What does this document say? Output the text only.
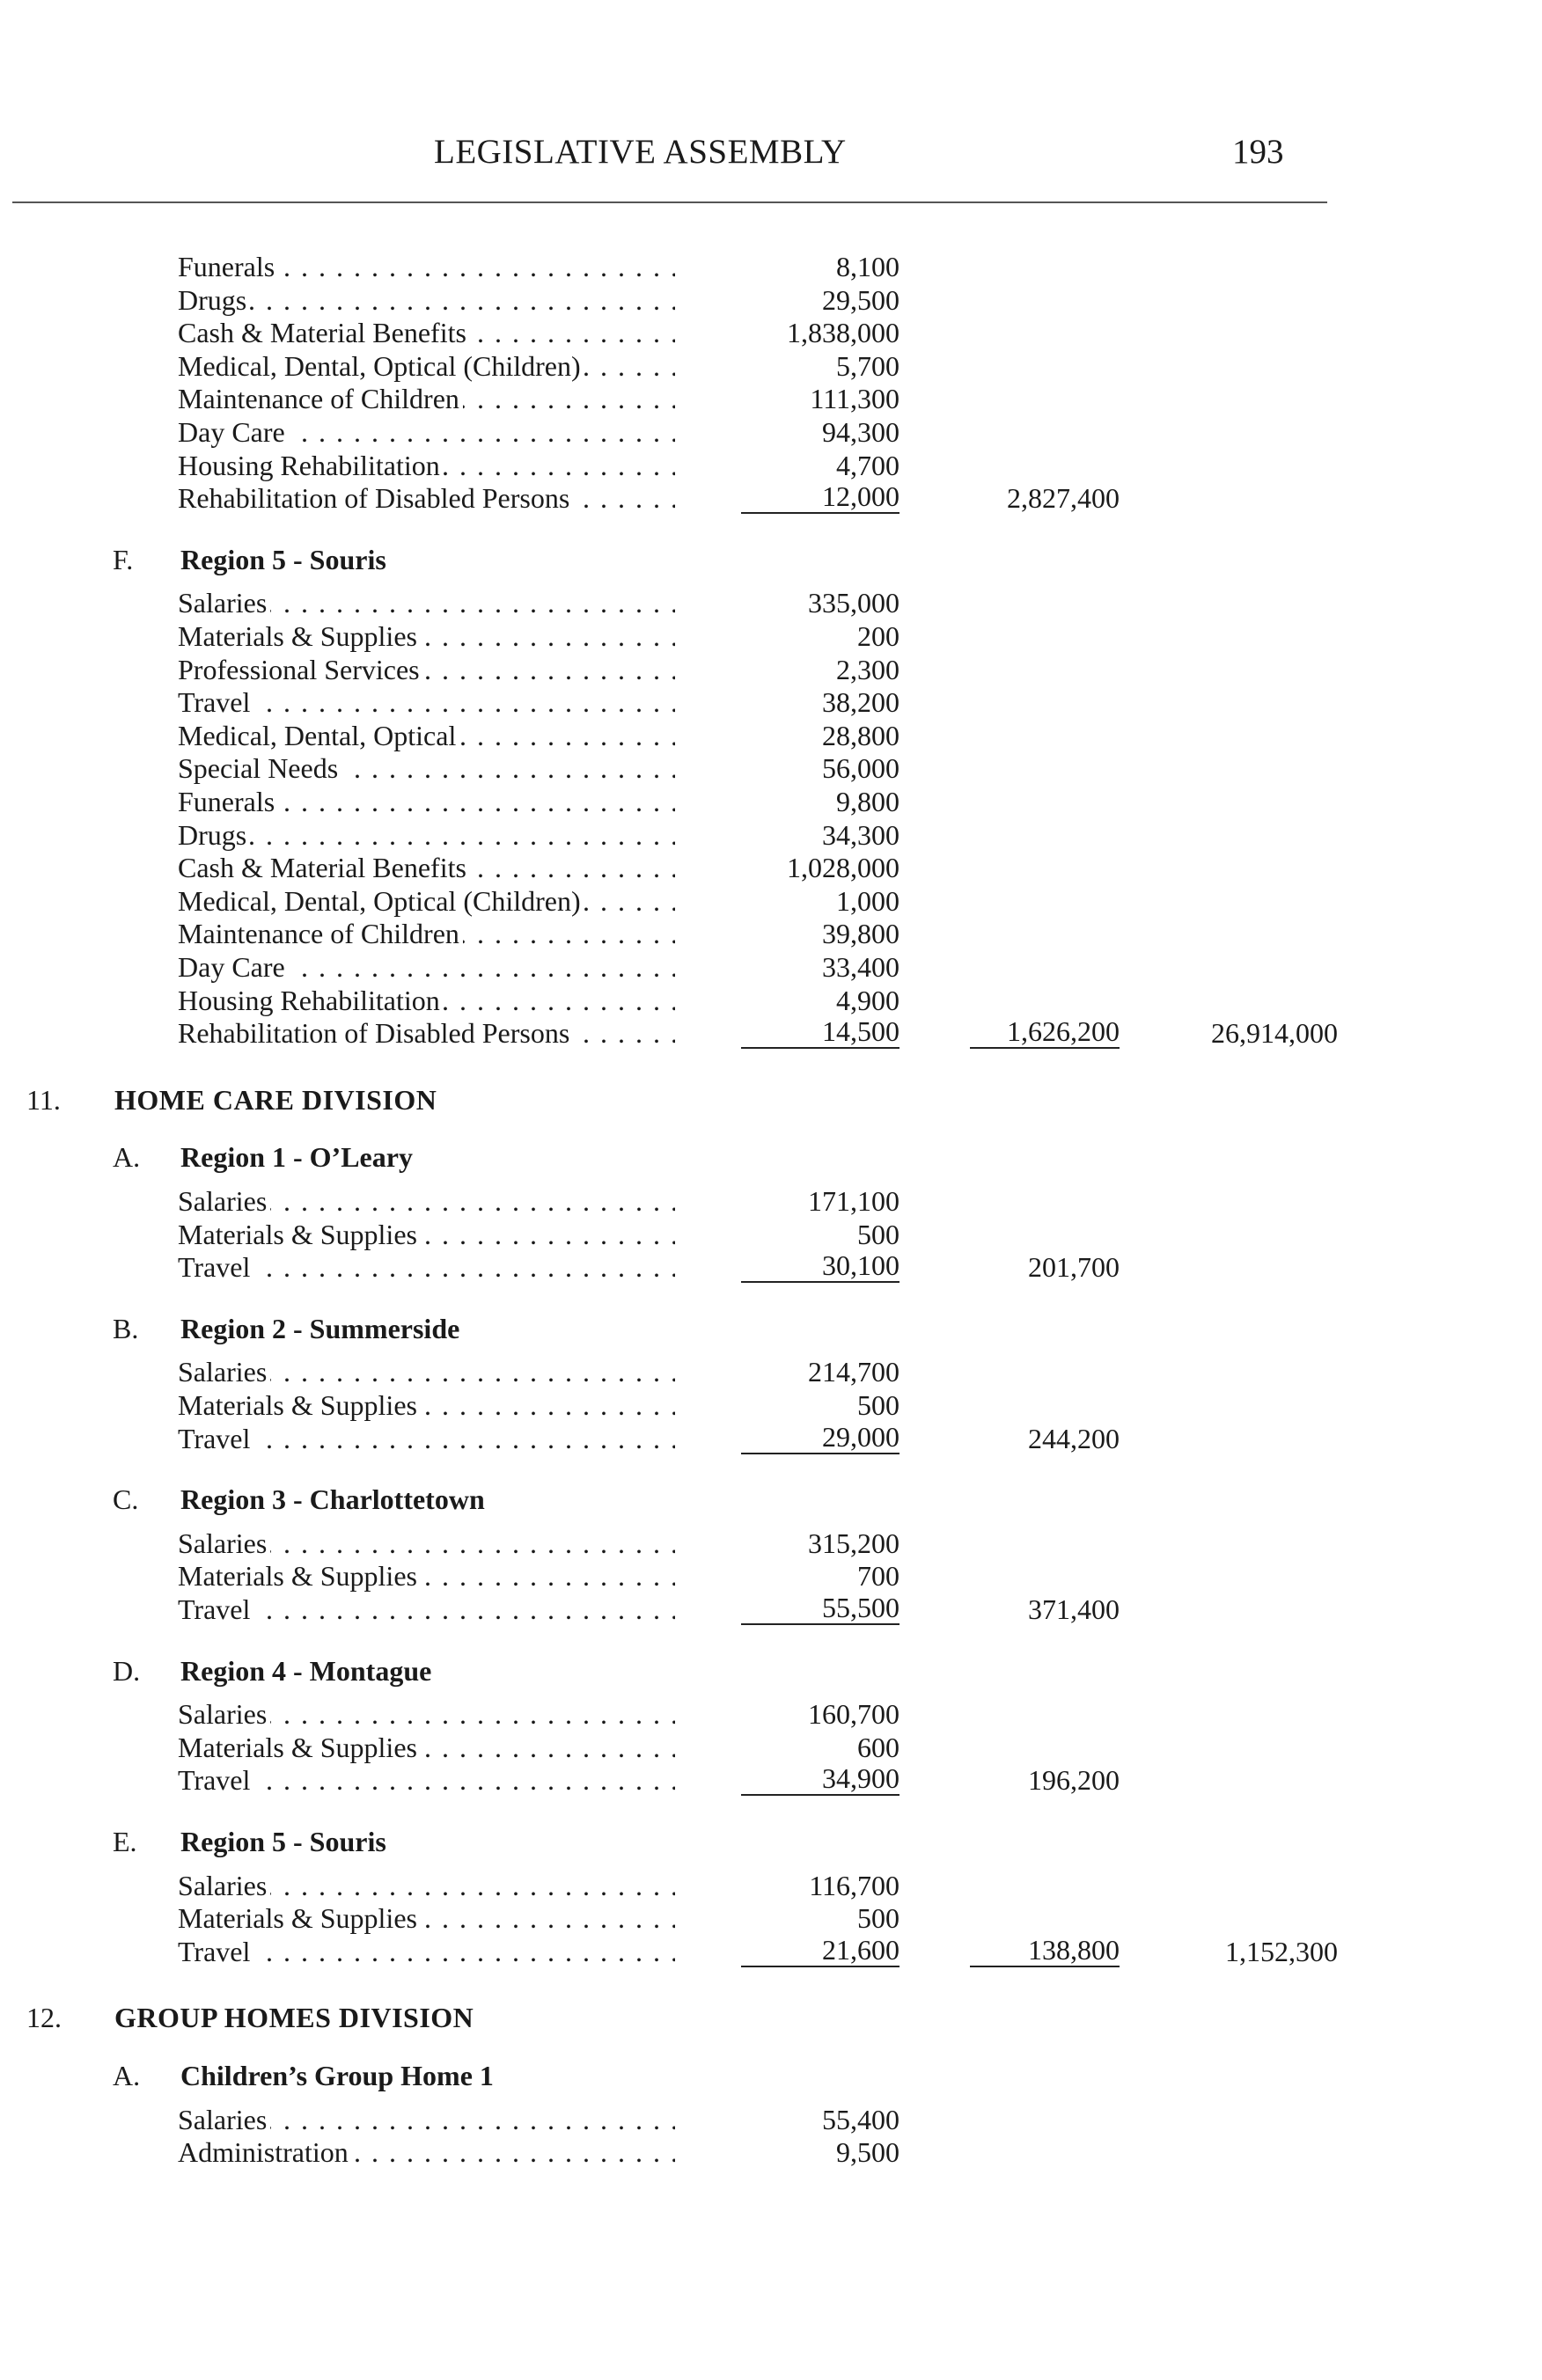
LEGISLATIVE ASSEMBLY	193
Funerals . . .	8,100
Drugs . . .	29,500
Cash & Material Benefits . . .	1,838,000
Medical, Dental, Optical (Children) . . .	5,700
Maintenance of Children . . .	111,300
Day Care . . .	94,300
Housing Rehabilitation . . .	4,700
Rehabilitation of Disabled Persons . . .	12,000	2,827,400
F. Region 5 - Souris
Salaries . . .	335,000
Materials & Supplies . . .	200
Professional Services . . .	2,300
Travel . . .	38,200
Medical, Dental, Optical . . .	28,800
Special Needs . . .	56,000
Funerals . . .	9,800
Drugs . . .	34,300
Cash & Material Benefits . . .	1,028,000
Medical, Dental, Optical (Children) . . .	1,000
Maintenance of Children . . .	39,800
Day Care . . .	33,400
Housing Rehabilitation . . .	4,900
Rehabilitation of Disabled Persons . . .	14,500	1,626,200	26,914,000
11. HOME CARE DIVISION
A. Region 1 - O’Leary
Salaries . . .	171,100
Materials & Supplies . . .	500
Travel . . .	30,100	201,700
B. Region 2 - Summerside
Salaries . . .	214,700
Materials & Supplies . . .	500
Travel . . .	29,000	244,200
C. Region 3 - Charlottetown
Salaries . . .	315,200
Materials & Supplies . . .	700
Travel . . .	55,500	371,400
D. Region 4 - Montague
Salaries . . .	160,700
Materials & Supplies . . .	600
Travel . . .	34,900	196,200
E. Region 5 - Souris
Salaries . . .	116,700
Materials & Supplies . . .	500
Travel . . .	21,600	138,800	1,152,300
12. GROUP HOMES DIVISION
A. Children’s Group Home 1
Salaries . . .	55,400
Administration . . .	9,500
